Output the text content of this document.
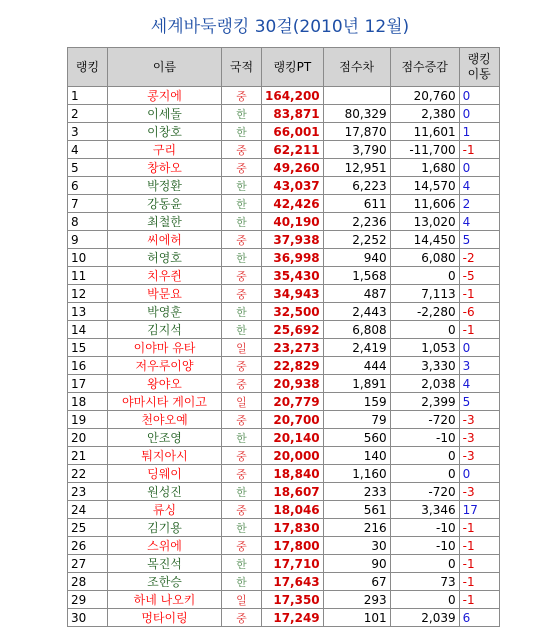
세계바둑랭킹 30걸(2010년 12월)
랭킹	이름	국적	랭킹PT	점수차	점수증감	랭킹
이동
1	콩지에	중	164,200		20,760	0
2	이세돌	한	83,871	80,329	2,380	0
3	이창호	한	66,001	17,870	11,601	1
4	구리	중	62,211	3,790	-11,700	-1
5	창하오	중	49,260	12,951	1,680	0
6	박정환	한	43,037	6,223	14,570	4
7	강동윤	한	42,426	611	11,606	2
8	최철한	한	40,190	2,236	13,020	4
9	씨에허	중	37,938	2,252	14,450	5
10	허영호	한	36,998	940	6,080	-2
11	치우쥔	중	35,430	1,568	0	-5
12	박문요	중	34,943	487	7,113	-1
13	박영훈	한	32,500	2,443	-2,280	-6
14	김지석	한	25,692	6,808	0	-1
15	이야마 유타	일	23,273	2,419	1,053	0
16	저우루이양	중	22,829	444	3,330	3
17	왕야오	중	20,938	1,891	2,038	4
18	야마시타 게이고	일	20,779	159	2,399	5
19	천야오예	중	20,700	79	-720	-3
20	안조영	한	20,140	560	-10	-3
21	퉈지아시	중	20,000	140	0	-3
22	딩웨이	중	18,840	1,160	0	0
23	원성진	한	18,607	233	-720	-3
24	류싱	중	18,046	561	3,346	17
25	김기용	한	17,830	216	-10	-1
26	스위에	중	17,800	30	-10	-1
27	목진석	한	17,710	90	0	-1
28	조한승	한	17,643	67	73	-1
29	하네 나오키	일	17,350	293	0	-1
30	멍타이링	중	17,249	101	2,039	6
